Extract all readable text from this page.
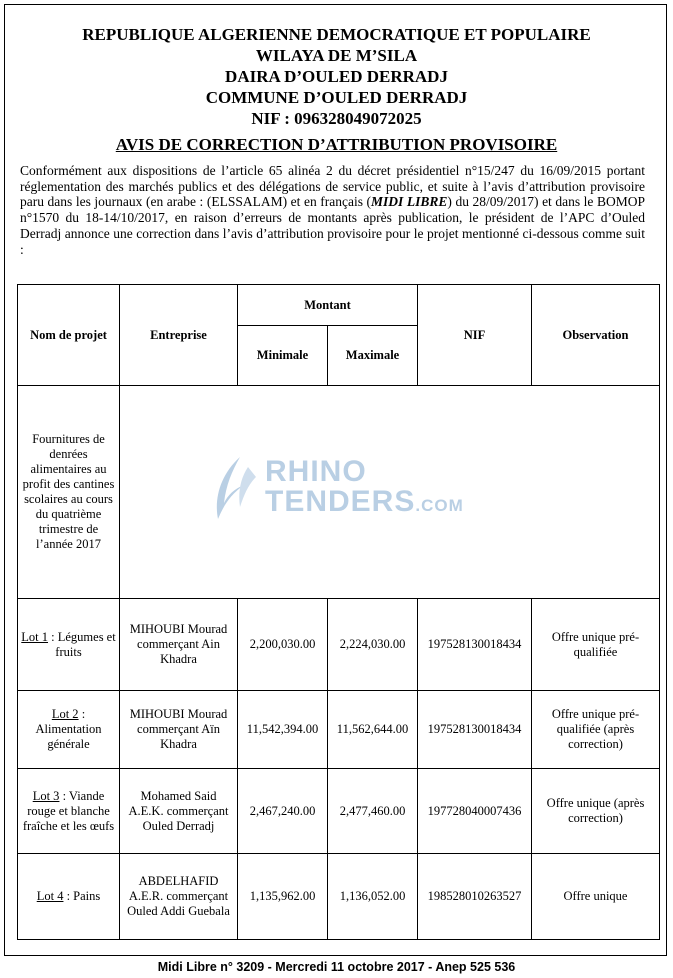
REPUBLIQUE ALGERIENNE DEMOCRATIQUE ET POPULAIRE
WILAYA DE M’SILA
DAIRA D’OULED DERRADJ
COMMUNE D’OULED DERRADJ
NIF : 096328049072025
AVIS DE CORRECTION D’ATTRIBUTION PROVISOIRE
Conformément aux dispositions de l’article 65 alinéa 2 du décret présidentiel n°15/247 du 16/09/2015 portant réglementation des marchés publics et des délégations de service public, et suite à l’avis d’attribution provisoire paru dans les journaux (en arabe : (ELSSALAM) et en français (MIDI LIBRE) du 28/09/2017) et dans le BOMOP n°1570 du 18-14/10/2017, en raison d’erreurs de montants après publication, le président de l’APC d’Ouled Derradj annonce une correction dans l’avis d’attribution provisoire pour le projet mentionné ci-dessous comme suit :
Nom de projet	Entreprise	Montant		NIF	Observation
		Minimale	Maximale		
Fournitures de denrées alimentaires au profit des cantines scolaires au cours du quatrième trimestre de l’année 2017					
Lot 1 : Légumes et fruits	MIHOUBI Mourad commerçant Ain Khadra	2,200,030.00	2,224,030.00	197528130018434	Offre unique pré-qualifiée
Lot 2 : Alimentation générale	MIHOUBI Mourad commerçant Aïn Khadra	11,542,394.00	11,562,644.00	197528130018434	Offre unique pré-qualifiée (après correction)
Lot 3 : Viande rouge et blanche fraîche et les œufs	Mohamed Said A.E.K. commerçant Ouled Derradj	2,467,240.00	2,477,460.00	197728040007436	Offre unique (après correction)
Lot 4 : Pains	ABDELHAFID A.E.R. commerçant Ouled Addi Guebala	1,135,962.00	1,136,052.00	198528010263527	Offre unique
RHINO
TENDERS.COM
Midi Libre n° 3209 - Mercredi 11 octobre 2017 - Anep 525 536
